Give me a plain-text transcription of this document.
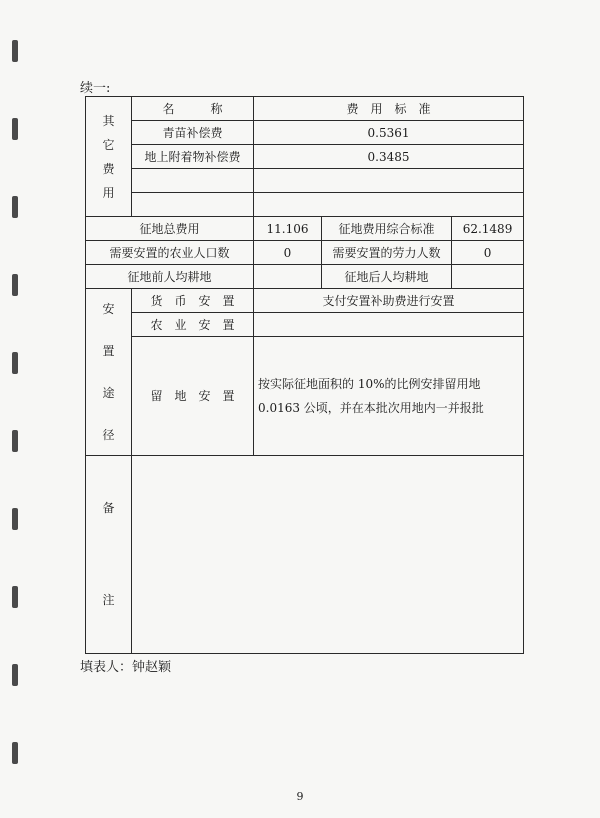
续一:
其
它
费
用	名　　　称	费　用　标　准		
	青苗补偿费	0.5361		
	地上附着物补偿费	0.3485		

征地总费用		11.106	征地费用综合标准	62.1489
需要安置的农业人口数		0	需要安置的劳力人数	0
征地前人均耕地			征地后人均耕地	

安
置
途
径	货　币　安　置	支付安置补助费进行安置		
	农　业　安　置			
	留　地　安　置	按实际征地面积的 10%的比例安排留用地 0.0163 公顷，并在本批次用地内一并报批		

备
注				

填表人：钟赵颖
9
